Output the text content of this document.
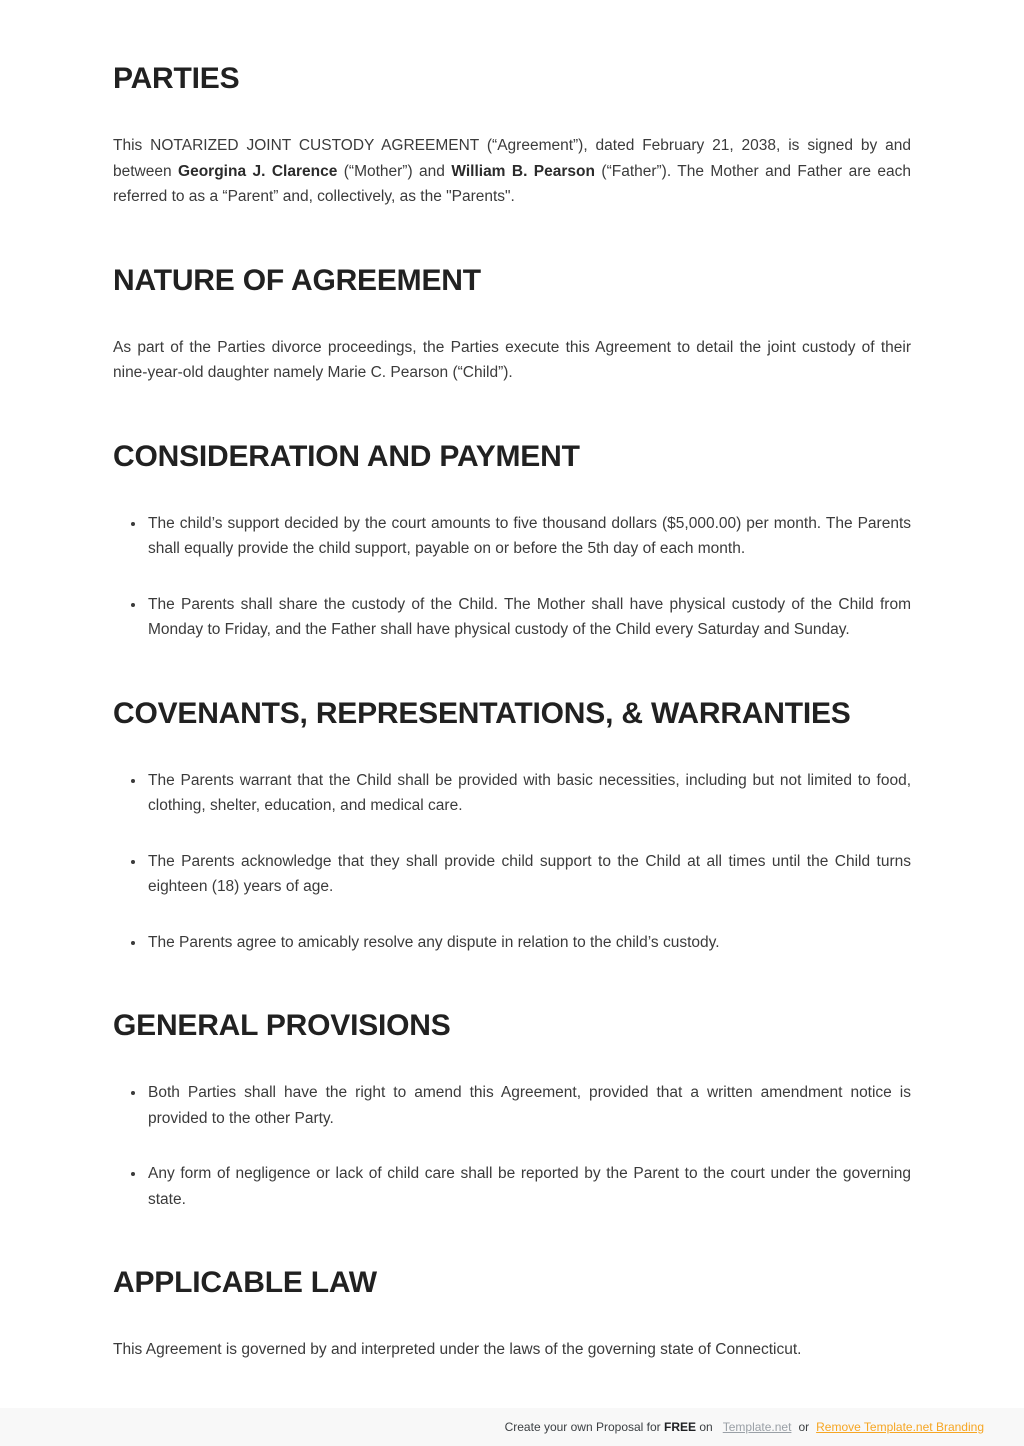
PARTIES

This NOTARIZED JOINT CUSTODY AGREEMENT (“Agreement”), dated February 21, 2038, is signed by and between Georgina J. Clarence (“Mother”) and William B. Pearson (“Father”). The Mother and Father are each referred to as a “Parent” and, collectively, as the "Parents".

NATURE OF AGREEMENT

As part of the Parties divorce proceedings, the Parties execute this Agreement to detail the joint custody of their nine-year-old daughter namely Marie C. Pearson (“Child”).

CONSIDERATION AND PAYMENT
• The child’s support decided by the court amounts to five thousand dollars ($5,000.00) per month. The Parents shall equally provide the child support, payable on or before the 5th day of each month.
• The Parents shall share the custody of the Child. The Mother shall have physical custody of the Child from Monday to Friday, and the Father shall have physical custody of the Child every Saturday and Sunday.
COVENANTS, REPRESENTATIONS, & WARRANTIES
• The Parents warrant that the Child shall be provided with basic necessities, including but not limited to food, clothing, shelter, education, and medical care.
• The Parents acknowledge that they shall provide child support to the Child at all times until the Child turns eighteen (18) years of age.
• The Parents agree to amicably resolve any dispute in relation to the child’s custody.
GENERAL PROVISIONS
• Both Parties shall have the right to amend this Agreement, provided that a written amendment notice is provided to the other Party.
• Any form of negligence or lack of child care shall be reported by the Parent to the court under the governing state.
APPLICABLE LAW

This Agreement is governed by and interpreted under the laws of the governing state of Connecticut.

Create your own Proposal for FREE on Template.net or Remove Template.net Branding
